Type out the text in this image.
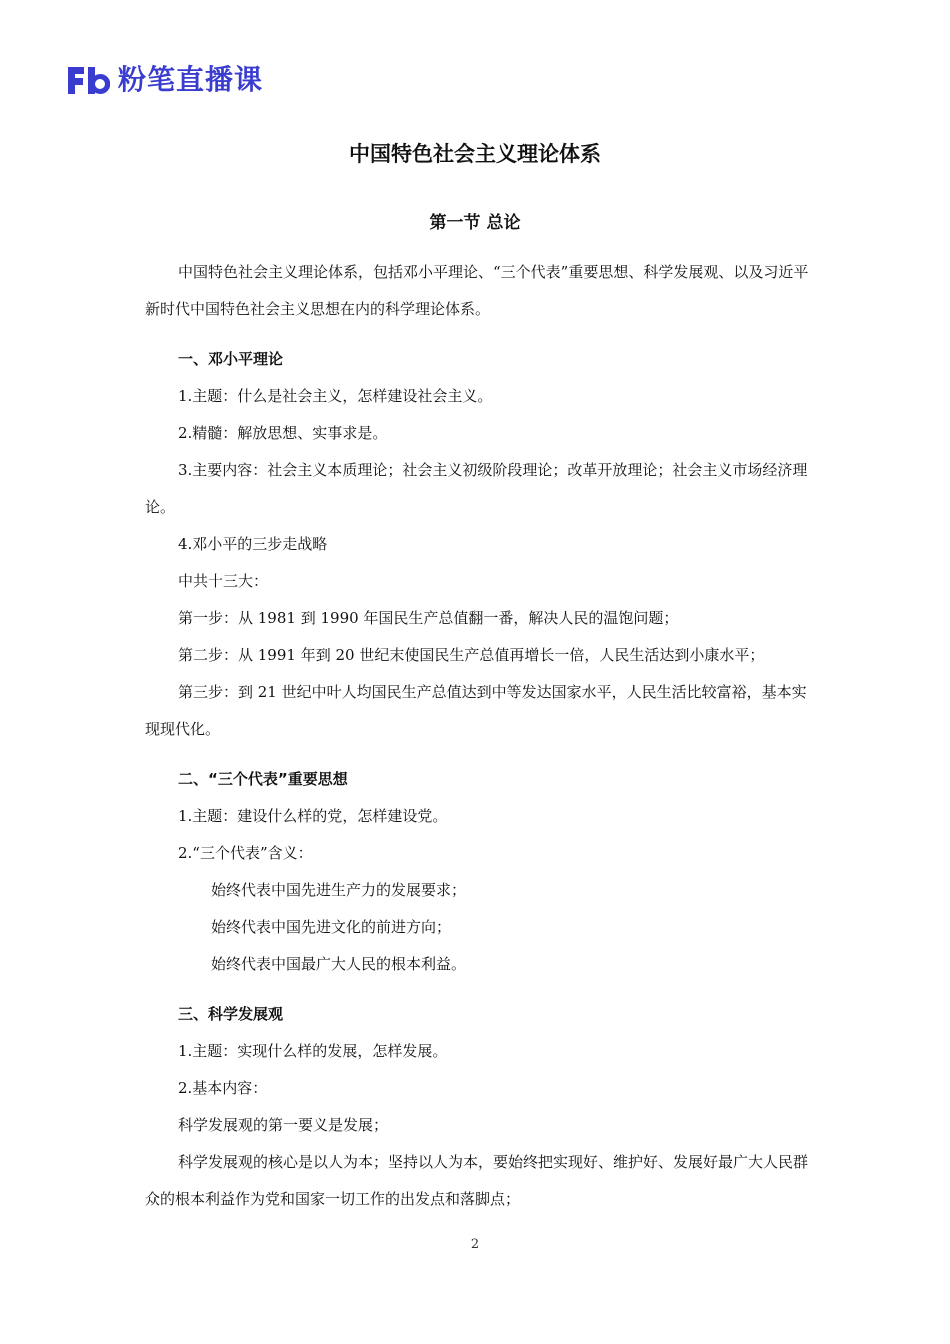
粉笔直播课
中国特色社会主义理论体系
第一节 总论

中国特色社会主义理论体系，包括邓小平理论、“三个代表”重要思想、科学发展观、以及习近平新时代中国特色社会主义思想在内的科学理论体系。

一、邓小平理论

1.主题：什么是社会主义，怎样建设社会主义。

2.精髓：解放思想、实事求是。

3.主要内容：社会主义本质理论；社会主义初级阶段理论；改革开放理论；社会主义市场经济理论。

4.邓小平的三步走战略

中共十三大：

第一步：从 1981 到 1990 年国民生产总值翻一番，解决人民的温饱问题；

第二步：从 1991 年到 20 世纪末使国民生产总值再增长一倍，人民生活达到小康水平；

第三步：到 21 世纪中叶人均国民生产总值达到中等发达国家水平，人民生活比较富裕，基本实现现代化。

二、“三个代表”重要思想

1.主题：建设什么样的党，怎样建设党。

2.“三个代表”含义：

始终代表中国先进生产力的发展要求；

始终代表中国先进文化的前进方向；

始终代表中国最广大人民的根本利益。

三、科学发展观

1.主题：实现什么样的发展，怎样发展。

2.基本内容：

科学发展观的第一要义是发展；

科学发展观的核心是以人为本；坚持以人为本，要始终把实现好、维护好、发展好最广大人民群众的根本利益作为党和国家一切工作的出发点和落脚点；

2
